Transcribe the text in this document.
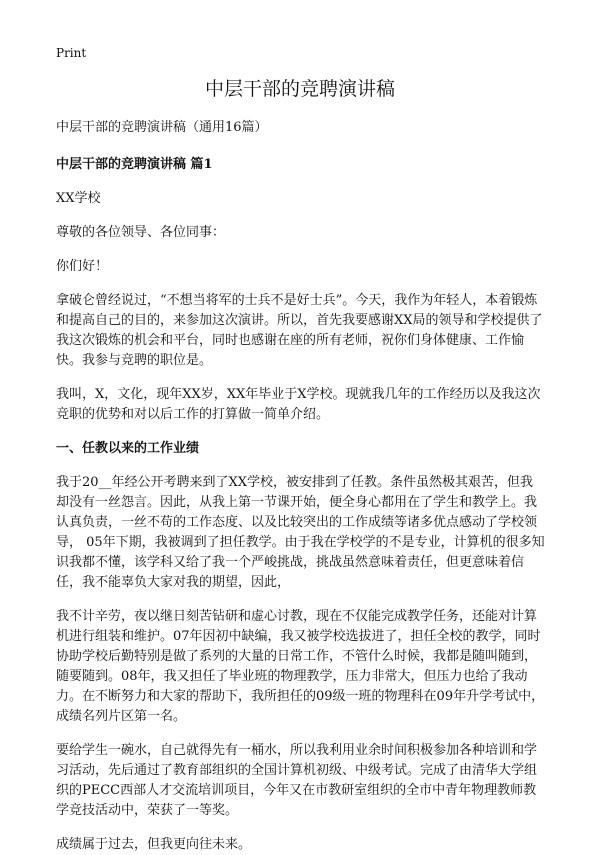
Print
中层干部的竞聘演讲稿

中层干部的竞聘演讲稿（通用16篇）

中层干部的竞聘演讲稿 篇1

XX学校

尊敬的各位领导、各位同事：

你们好！

拿破仑曾经说过，“不想当将军的士兵不是好士兵”。今天，我作为年轻人，本着锻炼和提高自己的目的，来参加这次演讲。所以，首先我要感谢XX局的领导和学校提供了我这次锻炼的机会和平台，同时也感谢在座的所有老师，祝你们身体健康、工作愉快。我参与竞聘的职位是。

我叫，X，文化，现年XX岁，XX年毕业于X学校。现就我几年的工作经历以及我这次竞职的优势和对以后工作的打算做一简单介绍。

一、任教以来的工作业绩

我于20__年经公开考聘来到了XX学校，被安排到了任教。条件虽然极其艰苦，但我却没有一丝怨言。因此，从我上第一节课开始，便全身心都用在了学生和教学上。我认真负责，一丝不苟的工作态度、以及比较突出的工作成绩等诸多优点感动了学校领导， 05年下期，我被调到了担任教学。由于我在学校学的不是专业，计算机的很多知识我都不懂，该学科又给了我一个严峻挑战，挑战虽然意味着责任，但更意味着信任，我不能辜负大家对我的期望，因此，

我不计辛劳，夜以继日刻苦钻研和虚心讨教，现在不仅能完成教学任务，还能对计算机进行组装和维护。07年因初中缺编，我又被学校选拔进了，担任全校的教学，同时协助学校后勤特别是做了系列的大量的日常工作，不管什么时候，我都是随叫随到，随要随到。08年，我又担任了毕业班的物理教学，压力非常大，但压力也给了我动力。在不断努力和大家的帮助下，我所担任的09级一班的物理科在09年升学考试中，成绩名列片区第一名。

要给学生一碗水，自己就得先有一桶水，所以我利用业余时间积极参加各种培训和学习活动，先后通过了教育部组织的全国计算机初级、中级考试。完成了由清华大学组织的PECC西部人才交流培训项目，今年又在市教研室组织的全市中青年物理教师教学竞技活动中，荣获了一等奖。

成绩属于过去，但我更向往未来。
